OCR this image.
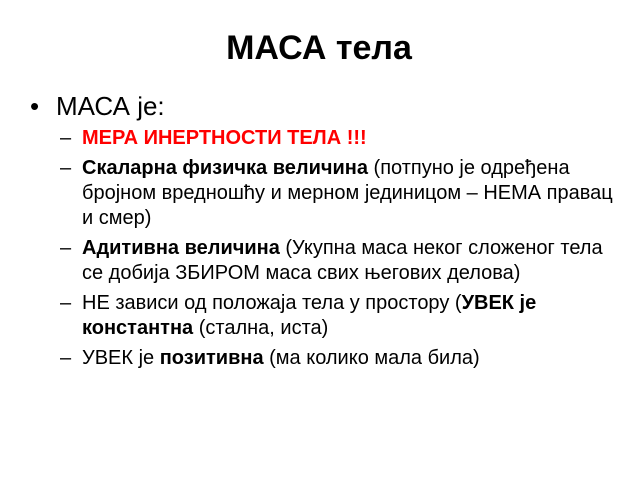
МАСА тела
• МАСА је:
– МЕРА ИНЕРТНОСТИ ТЕЛА !!!
– Скаларна физичка величина (потпуно је одређена бројном вредношћу и мерном јединицом – НЕМА правац и смер)
– Адитивна величина (Укупна маса неког сложеног тела се добија ЗБИРОМ маса свих његових делова)
– НЕ зависи од положаја тела у простору (УВЕК је константна (стална, иста)
– УВЕК је позитивна (ма колико мала била)
